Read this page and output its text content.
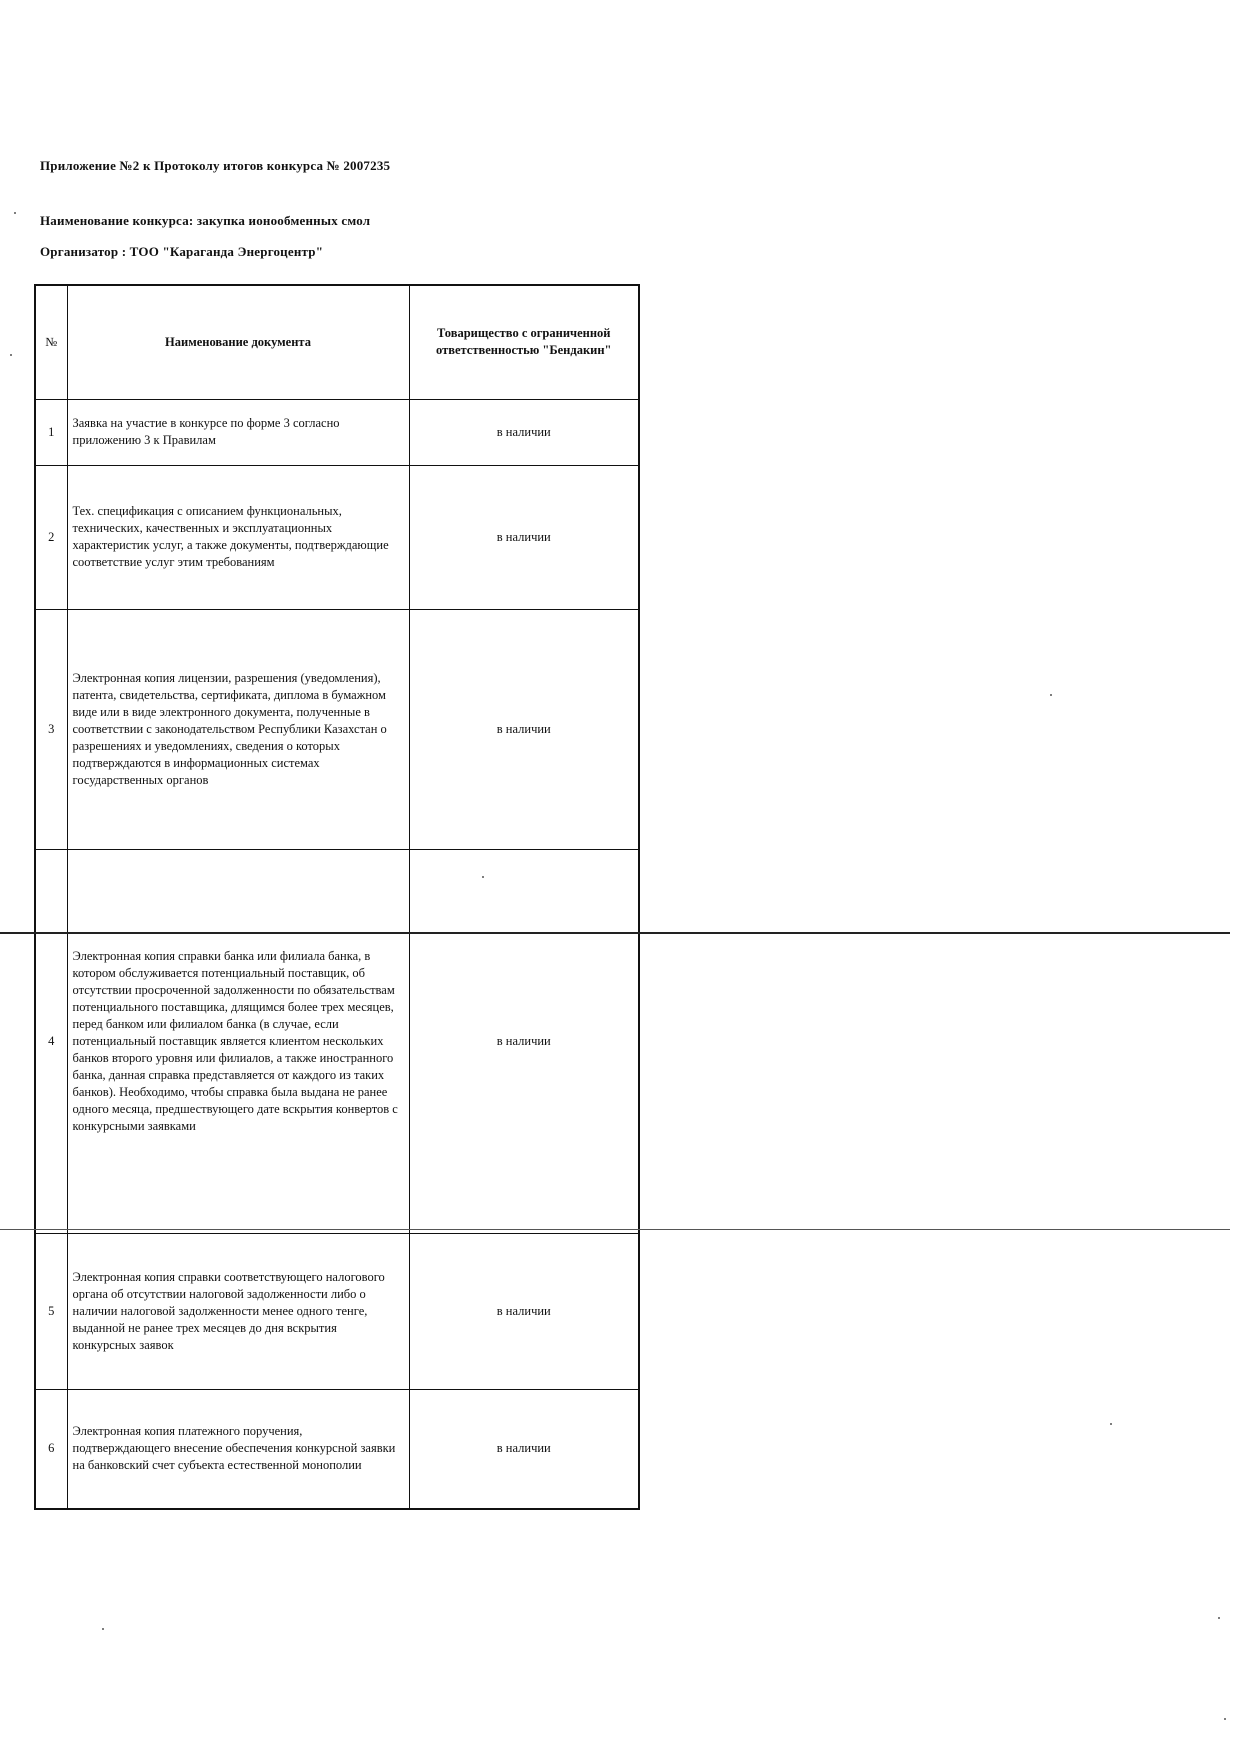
Приложение №2 к Протоколу итогов конкурса № 2007235
Наименование конкурса: закупка ионообменных смол
Организатор : ТОО "Караганда Энергоцентр"
№	Наименование документа	Товарищество с ограниченной ответственностью "Бендакин"
1	Заявка на участие в конкурсе по форме 3 согласно приложению 3 к Правилам	в наличии
2	Тех. спецификация с описанием функциональных, технических, качественных и эксплуатационных характеристик услуг, а также документы, подтверждающие соответствие услуг этим требованиям	в наличии
3	Электронная копия лицензии, разрешения (уведомления), патента, свидетельства, сертификата, диплома в бумажном виде или в виде электронного документа, полученные в соответствии с законодательством Республики Казахстан о разрешениях и уведомлениях, сведения о которых подтверждаются в информационных системах государственных органов	в наличии
4	Электронная копия справки банка или филиала банка, в котором обслуживается потенциальный поставщик, об отсутствии просроченной задолженности по обязательствам потенциального поставщика, длящимся более трех месяцев, перед банком или филиалом банка (в случае, если потенциальный поставщик является клиентом нескольких банков второго уровня или филиалов, а также иностранного банка, данная справка представляется от каждого из таких банков). Необходимо, чтобы справка была выдана не ранее одного месяца, предшествующего дате вскрытия конвертов с конкурсными заявками	в наличии
5	Электронная копия справки соответствующего налогового органа об отсутствии налоговой задолженности либо о наличии налоговой задолженности менее одного тенге, выданной не ранее трех месяцев до дня вскрытия конкурсных заявок	в наличии
6	Электронная копия платежного поручения, подтверждающего внесение обеспечения конкурсной заявки на банковский счет субъекта естественной монополии	в наличии
